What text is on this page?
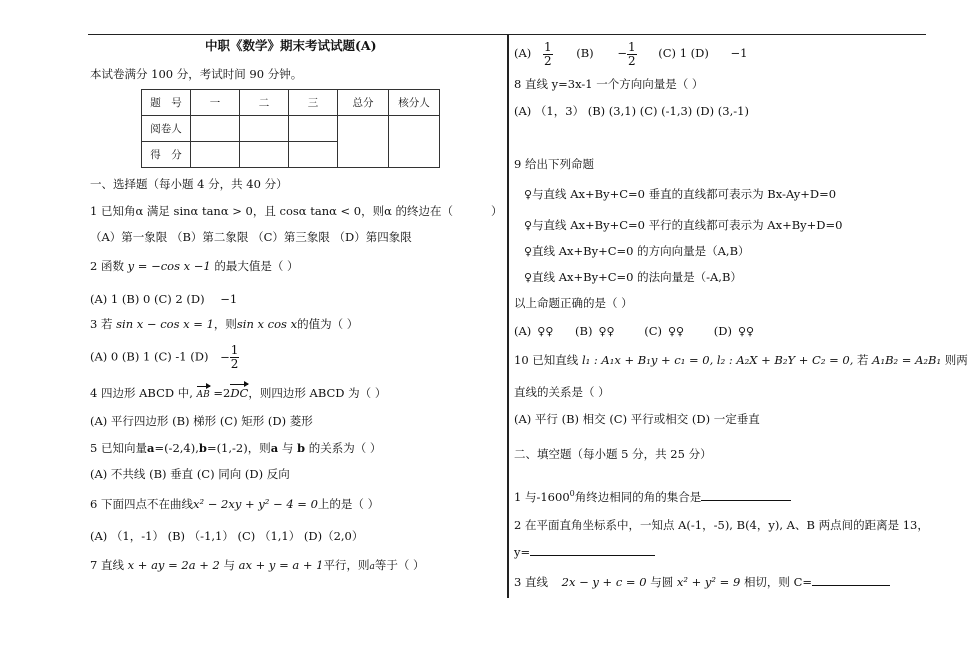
中职《数学》期末考试试题(A)
本试卷满分 100 分，考试时间 90 分钟。
题　号	一	二	三	总分	核分人
阅卷人					
得　分					
一、选择题（每小题 4 分，共 40 分）
1 已知角α 满足 sinα tanα > 0，且 cosα tanα < 0，则α 的终边在（	）
（A）第一象限 （B）第二象限 （C）第三象限 （D）第四象限
2 函数 y = −cos x −1 的最大值是（ ）
(A) 1 (B) 0 (C) 2 (D) −1
3 若 sin x − cos x = 1，则sin x cos x的值为（ ）
(A) 0 (B) 1 (C) -1 $(D) - \frac{1}{2}$
4 四边形 ABCD 中, AB =2DC，则四边形 ABCD 为（ ）
(A) 平行四边形 (B) 梯形 (C) 矩形 (D) 菱形
5 已知向量a=(-2,4),b=(1,-2)，则a 与 b 的关系为（ ）
(A) 不共线 (B) 垂直 (C) 同向 (D) 反向
6 下面四点不在曲线x² − 2xy + y² − 4 = 0上的是（ ）
(A) （1，-1） (B) （-1,1） (C) （1,1） (D)（2,0）
7 直线 x + ay = 2a + 2 与 ax + y = a + 1平行，则a等于（ ）
$(A) \frac{1}{2} (B) - \frac{1}{2} (C)$ 1 (D) −1
8 直线 y=3x-1 一个方向向量是（ ）
(A) （1，3） (B) (3,1) (C) (-1,3) (D) (3,-1)
9 给出下列命题
♀与直线 Ax+By+C=0 垂直的直线都可表示为 Bx-Ay+D=0
♀与直线 Ax+By+C=0 平行的直线都可表示为 Ax+By+D=0
♀直线 Ax+By+C=0 的方向向量是（A,B）
♀直线 Ax+By+C=0 的法向量是（-A,B）
以上命题正确的是（ ）
(A) ♀♀ (B) ♀♀	(C) ♀♀	(D) ♀♀
10 已知直线 l₁ : A₁x + B₁y + c₁ = 0, l₂ : A₂X + B₂Y + C₂ = 0, 若 A₁B₂ = A₂B₁ 则两
直线的关系是（ ）
(A) 平行 (B) 相交 (C) 平行或相交 (D) 一定垂直
二、填空题（每小题 5 分，共 25 分）
1 与-1600$^0$角终边相同的角的集合是
2 在平面直角坐标系中，一知点 A(-1，-5), B(4，y), A、B 两点间的距离是 13，
y=
3 直线 2x − y + c = 0 与圆 x² + y² = 9 相切，则 C=
